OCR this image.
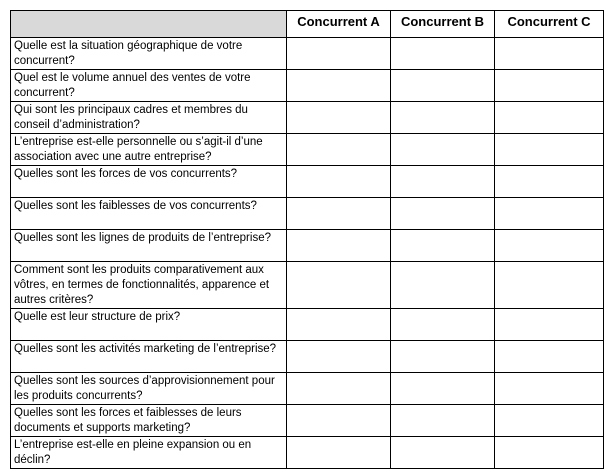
	Concurrent A	Concurrent B	Concurrent C
Quelle est la situation géographique de votre concurrent?			
Quel est le volume annuel des ventes de votre concurrent?			
Qui sont les principaux cadres et membres du conseil d’administration?			
L’entreprise est-elle personnelle ou s’agit-il d’une association avec une autre entreprise?			
Quelles sont les forces de vos concurrents?			
Quelles sont les faiblesses de vos concurrents?			
Quelles sont les lignes de produits de l’entreprise?			
Comment sont les produits comparativement aux vôtres, en termes de fonctionnalités, apparence et autres critères?			
Quelle est leur structure de prix?			
Quelles sont les activités marketing de l’entreprise?			
Quelles sont les sources d’approvisionnement pour les produits concurrents?			
Quelles sont les forces et faiblesses de leurs documents et supports marketing?			
L’entreprise est-elle en pleine expansion ou en déclin?			
